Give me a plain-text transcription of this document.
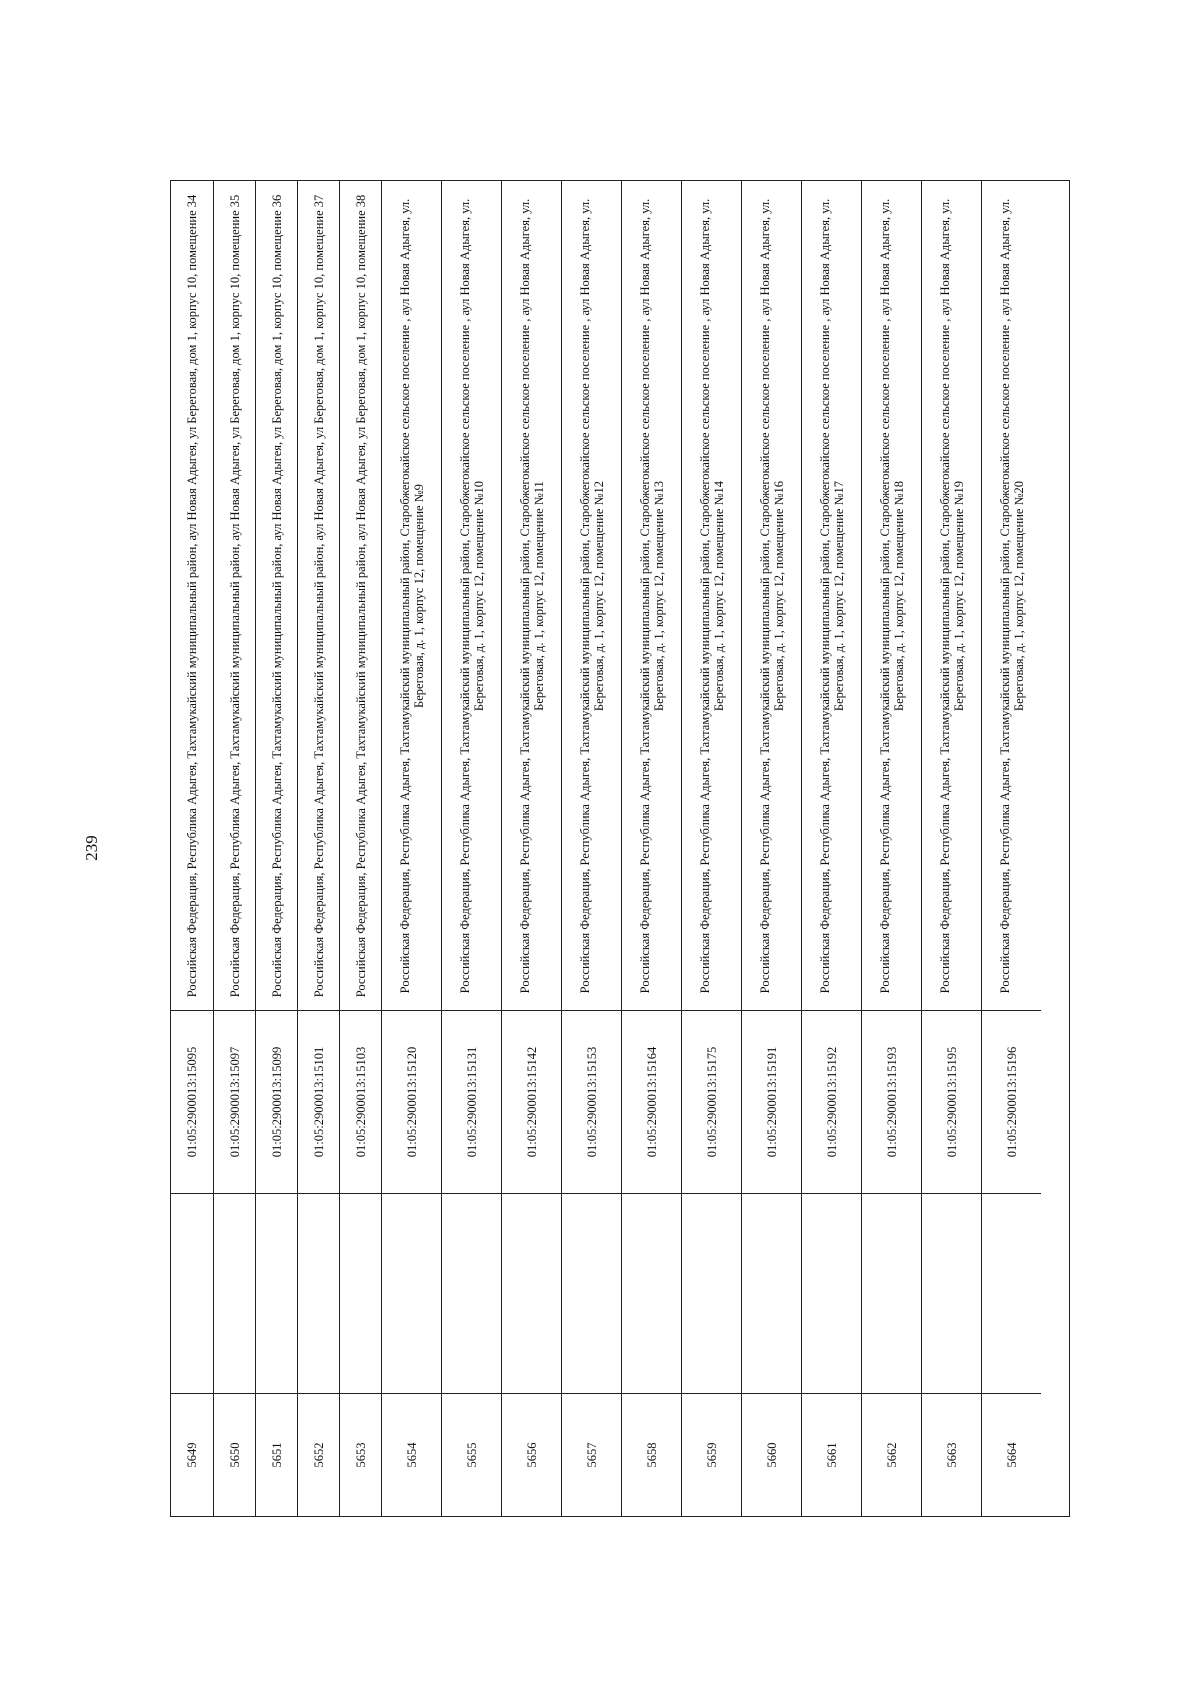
239
5649
01:05:2900013:15095
Российская Федерация, Республика Адыгея, Тахтамукайский муниципальный район, аул Новая Адыгея, ул Береговая, дом 1, корпус 10, помещение 34
5650
01:05:2900013:15097
Российская Федерация, Республика Адыгея, Тахтамукайский муниципальный район, аул Новая Адыгея, ул Береговая, дом 1, корпус 10, помещение 35
5651
01:05:2900013:15099
Российская Федерация, Республика Адыгея, Тахтамукайский муниципальный район, аул Новая Адыгея, ул Береговая, дом 1, корпус 10, помещение 36
5652
01:05:2900013:15101
Российская Федерация, Республика Адыгея, Тахтамукайский муниципальный район, аул Новая Адыгея, ул Береговая, дом 1, корпус 10, помещение 37
5653
01:05:2900013:15103
Российская Федерация, Республика Адыгея, Тахтамукайский муниципальный район, аул Новая Адыгея, ул Береговая, дом 1, корпус 10, помещение 38
5654
01:05:2900013:15120
Российская Федерация, Республика Адыгея, Тахтамукайский муниципальный район, Старобжегокайское сельское поселение , аул Новая Адыгея, ул. Береговая, д. 1, корпус 12, помещение №9
5655
01:05:2900013:15131
Российская Федерация, Республика Адыгея, Тахтамукайский муниципальный район, Старобжегокайское сельское поселение , аул Новая Адыгея, ул. Береговая, д. 1, корпус 12, помещение №10
5656
01:05:2900013:15142
Российская Федерация, Республика Адыгея, Тахтамукайский муниципальный район, Старобжегокайское сельское поселение , аул Новая Адыгея, ул. Береговая, д. 1, корпус 12, помещение №11
5657
01:05:2900013:15153
Российская Федерация, Республика Адыгея, Тахтамукайский муниципальный район, Старобжегокайское сельское поселение , аул Новая Адыгея, ул. Береговая, д. 1, корпус 12, помещение №12
5658
01:05:2900013:15164
Российская Федерация, Республика Адыгея, Тахтамукайский муниципальный район, Старобжегокайское сельское поселение , аул Новая Адыгея, ул. Береговая, д. 1, корпус 12, помещение №13
5659
01:05:2900013:15175
Российская Федерация, Республика Адыгея, Тахтамукайский муниципальный район, Старобжегокайское сельское поселение , аул Новая Адыгея, ул. Береговая, д. 1, корпус 12, помещение №14
5660
01:05:2900013:15191
Российская Федерация, Республика Адыгея, Тахтамукайский муниципальный район, Старобжегокайское сельское поселение , аул Новая Адыгея, ул. Береговая, д. 1, корпус 12, помещение №16
5661
01:05:2900013:15192
Российская Федерация, Республика Адыгея, Тахтамукайский муниципальный район, Старобжегокайское сельское поселение , аул Новая Адыгея, ул. Береговая, д. 1, корпус 12, помещение №17
5662
01:05:2900013:15193
Российская Федерация, Республика Адыгея, Тахтамукайский муниципальный район, Старобжегокайское сельское поселение , аул Новая Адыгея, ул. Береговая, д. 1, корпус 12, помещение №18
5663
01:05:2900013:15195
Российская Федерация, Республика Адыгея, Тахтамукайский муниципальный район, Старобжегокайское сельское поселение , аул Новая Адыгея, ул. Береговая, д. 1, корпус 12, помещение №19
5664
01:05:2900013:15196
Российская Федерация, Республика Адыгея, Тахтамукайский муниципальный район, Старобжегокайское сельское поселение , аул Новая Адыгея, ул. Береговая, д. 1, корпус 12, помещение №20
